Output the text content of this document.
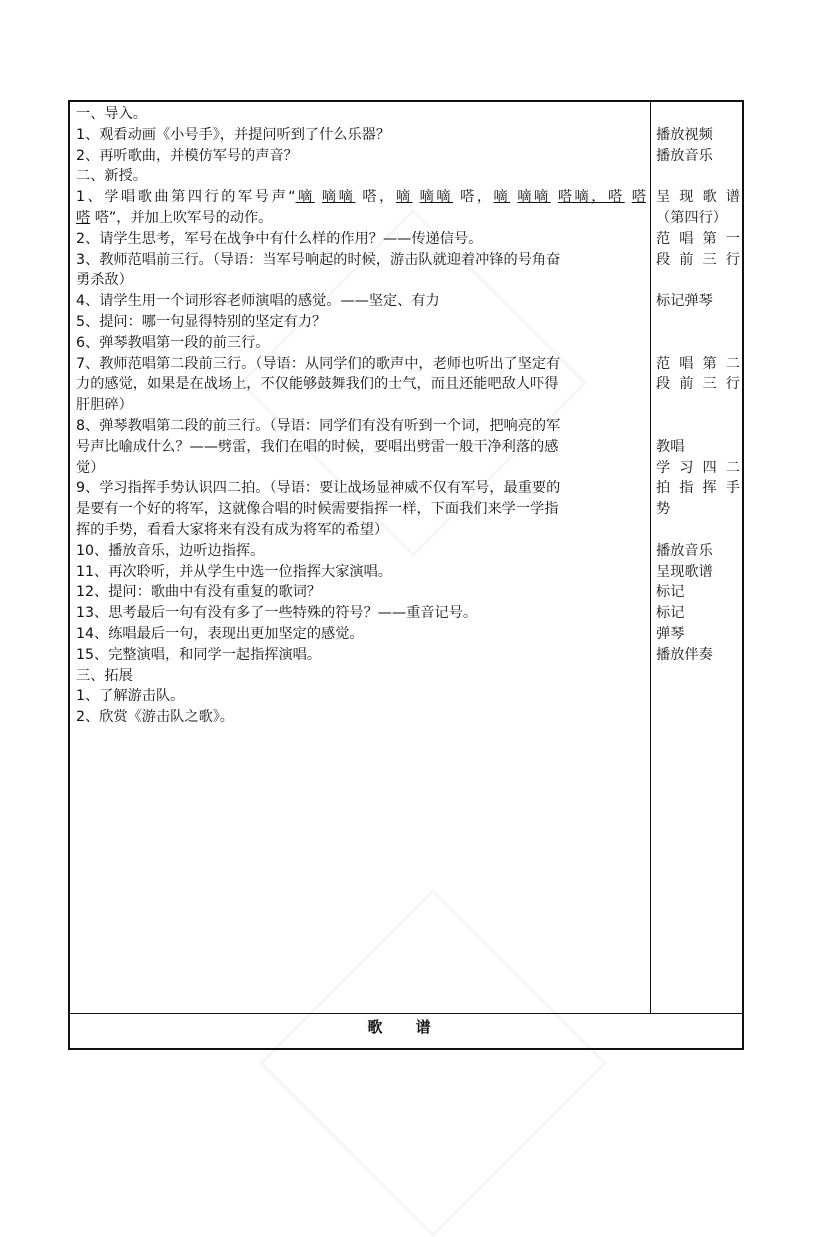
一、导入。
1、观看动画《小号手》，并提问听到了什么乐器？
2、再听歌曲，并模仿军号的声音？
二、新授。
1、学唱歌曲第四行的军号声“嘀 嘀嘀 嗒，嘀 嘀嘀 嗒，嘀 嘀嘀 嗒嘀，嗒 嗒
嗒 嗒”，并加上吹军号的动作。
2、请学生思考，军号在战争中有什么样的作用？——传递信号。
3、教师范唱前三行。（导语：当军号响起的时候，游击队就迎着冲锋的号角奋
勇杀敌）
4、请学生用一个词形容老师演唱的感觉。——坚定、有力
5、提问：哪一句显得特别的坚定有力？
6、弹琴教唱第一段的前三行。
7、教师范唱第二段前三行。（导语：从同学们的歌声中，老师也听出了坚定有
力的感觉，如果是在战场上，不仅能够鼓舞我们的士气，而且还能吧敌人吓得
肝胆碎）
8、弹琴教唱第二段的前三行。（导语：同学们有没有听到一个词，把响亮的军
号声比喻成什么？——劈雷，我们在唱的时候，要唱出劈雷一般干净利落的感
觉）
9、学习指挥手势认识四二拍。（导语：要让战场显神威不仅有军号，最重要的
是要有一个好的将军，这就像合唱的时候需要指挥一样，下面我们来学一学指
挥的手势，看看大家将来有没有成为将军的希望）
10、播放音乐，边听边指挥。
11、再次聆听，并从学生中选一位指挥大家演唱。
12、提问：歌曲中有没有重复的歌词？
13、思考最后一句有没有多了一些特殊的符号？——重音记号。
14、练唱最后一句，表现出更加坚定的感觉。
15、完整演唱，和同学一起指挥演唱。
三、拓展
1、了解游击队。
2、欣赏《游击队之歌》。
播放视频
播放音乐
呈现歌谱
（第四行）
范唱第一
段前三行
标记弹琴
范唱第二
段前三行
教唱
学习四二
拍指挥手
势
播放音乐
呈现歌谱
标记
标记
弹琴
播放伴奏
歌 谱
